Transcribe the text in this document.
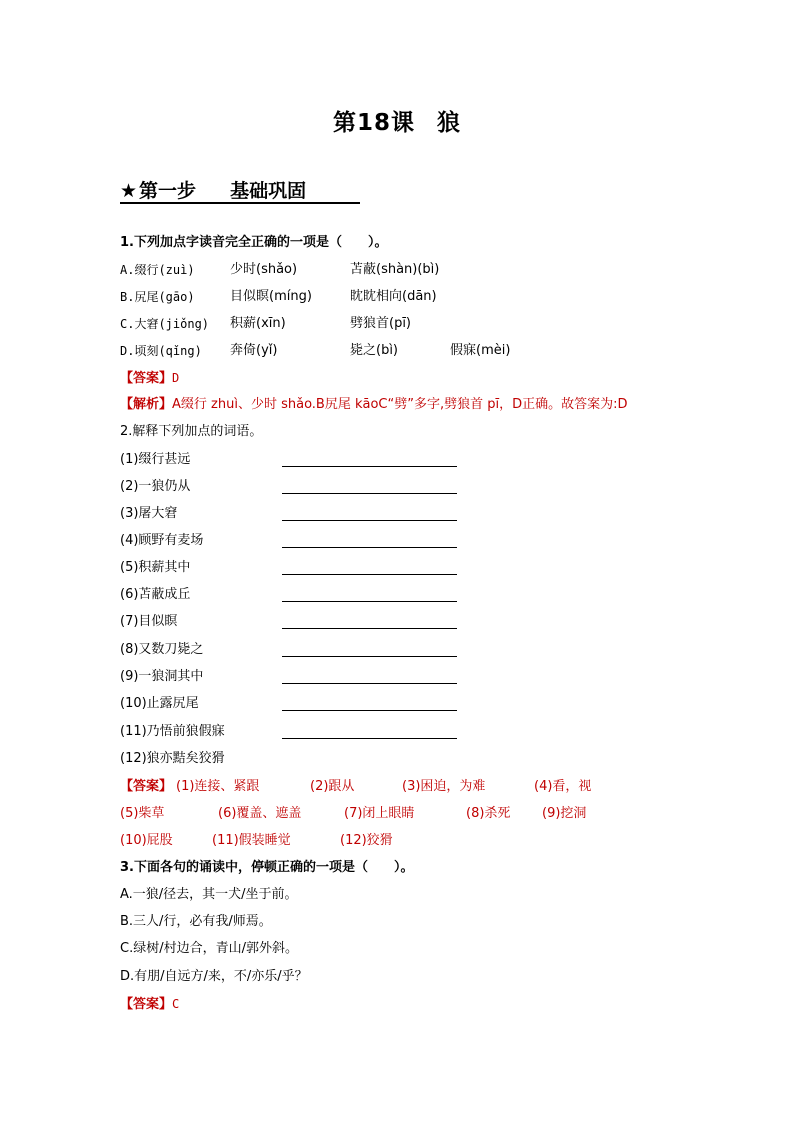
第18课 狼
★ 第一步 基础巩固
1.下列加点字读音完全正确的一项是（　　）。
A.缀行(zuì)	少时(shǎo)	苫蔽(shàn)(bì)
B.尻尾(gāo)	目似瞑(míng)	眈眈相向(dān)
C.大窘(jiǒng) 积薪(xīn)	劈狼首(pī)
D.顷刻(qǐng) 奔倚(yǐ)	毙之(bì)	假寐(mèi)
【答案】D
【解析】A缀行 zhuì、少时 shǎo.B尻尾 kāoC“劈”多字,劈狼首 pī，D正确。故答案为:D
2.解释下列加点的词语。
(1)缀行甚远
(2)一狼仍从
(3)屠大窘
(4)顾野有麦场
(5)积薪其中
(6)苫蔽成丘
(7)目似瞑
(8)又数刀毙之
(9)一狼洞其中
(10)止露尻尾
(11)乃悟前狼假寐
(12)狼亦黠矣狡猾
【答案】 (1)连接、紧跟	(2)跟从	(3)困迫，为难	(4)看，视
(5)柴草	(6)覆盖、遮盖	(7)闭上眼睛	(8)杀死 (9)挖洞
(10)屁股	(11)假装睡觉	(12)狡猾
3.下面各句的诵读中，停顿正确的一项是（　　）。
A.一狼/径去，其一犬/坐于前。
B.三人/行，必有我/师焉。
C.绿树/村边合，青山/郭外斜。
D.有朋/自远方/来，不/亦乐/乎？
【答案】C
